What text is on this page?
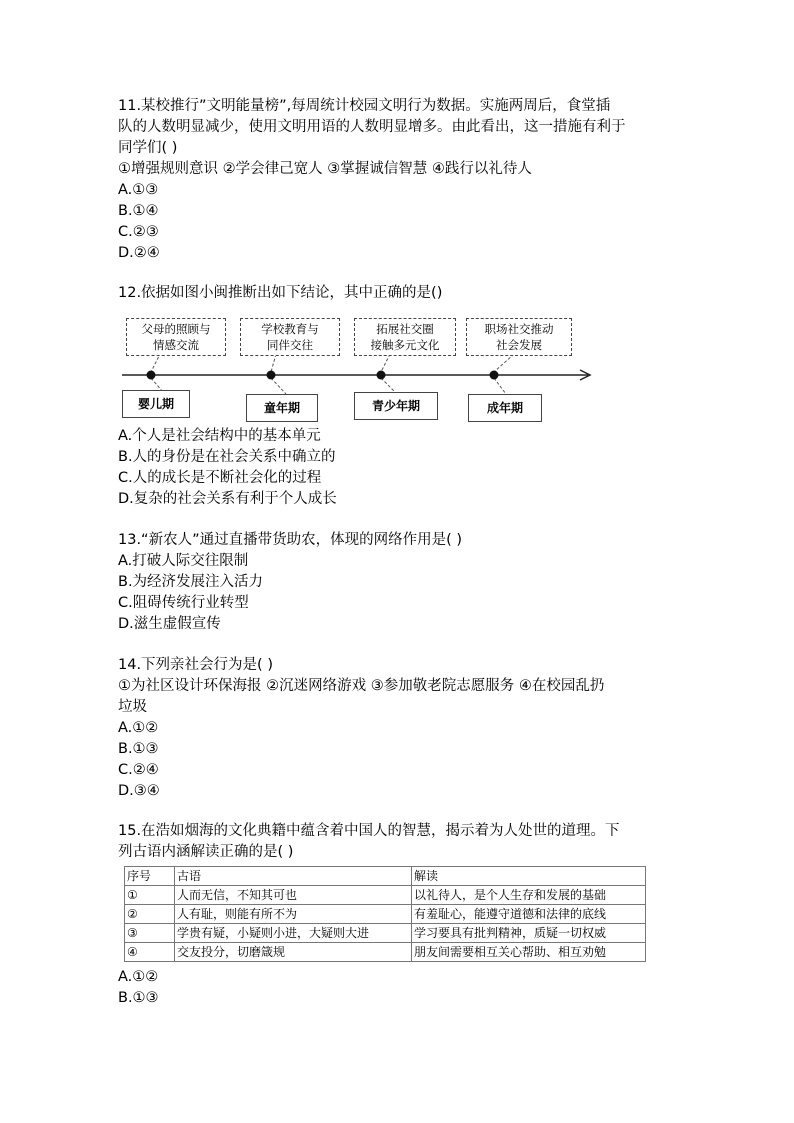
11.某校推行”文明能量榜”,每周统计校园文明行为数据。实施两周后，食堂插
队的人数明显减少，使用文明用语的人数明显增多。由此看出，这一措施有利于
同学们( )
①增强规则意识 ②学会律己宽人 ③掌握诚信智慧 ④践行以礼待人
A.①③
B.①④
C.②③
D.②④
12.依据如图小闽推断出如下结论，其中正确的是()
父母的照顾与
情感交流
学校教育与
同伴交往
拓展社交圈
接触多元文化
职场社交推动
社会发展
婴儿期	童年期	青少年期	成年期
A.个人是社会结构中的基本单元
B.人的身份是在社会关系中确立的
C.人的成长是不断社会化的过程
D.复杂的社会关系有利于个人成长
13.“新农人”通过直播带货助农，体现的网络作用是( )
A.打破人际交往限制
B.为经济发展注入活力
C.阻碍传统行业转型
D.滋生虚假宣传
14.下列亲社会行为是( )
①为社区设计环保海报 ②沉迷网络游戏 ③参加敬老院志愿服务 ④在校园乱扔
垃圾
A.①②
B.①③
C.②④
D.③④
15.在浩如烟海的文化典籍中蕴含着中国人的智慧，揭示着为人处世的道理。下
列古语内涵解读正确的是( )
序号	古语	解读
①	人而无信，不知其可也	以礼待人，是个人生存和发展的基础
②	人有耻，则能有所不为	有羞耻心，能遵守道德和法律的底线
③	学贵有疑，小疑则小进，大疑则大进	学习要具有批判精神，质疑一切权威
④	交友投分，切磨箴规	朋友间需要相互关心帮助、相互劝勉
A.①②
B.①③
